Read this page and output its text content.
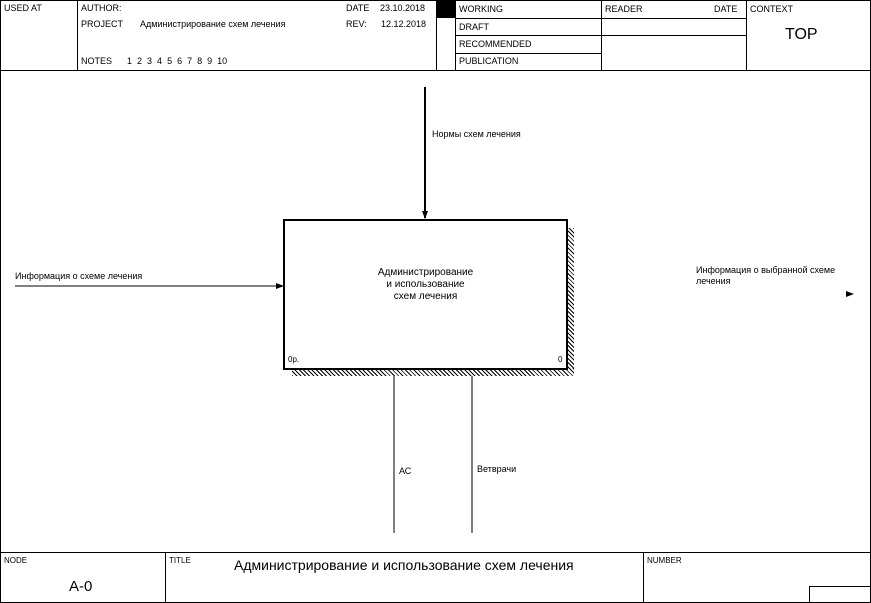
USED AT	AUTHOR:	DATE 23.10.2018
PROJECT Администрирование схем лечения	REV: 12.12.2018
NOTES 1 2 3 4 5 6 7 8 9 10
WORKING
DRAFT
RECOMMENDED
PUBLICATION
READER	DATE CONTEXT
TOP
Администрирование
и использование
схем лечения
0р.	0
Нормы схем лечения
Информация о схеме лечения
Информация о выбранной схеме
лечения
АС	Ветврачи
NODE
А-0
TITLE	Администрирование и использование схем лечения	NUMBER
